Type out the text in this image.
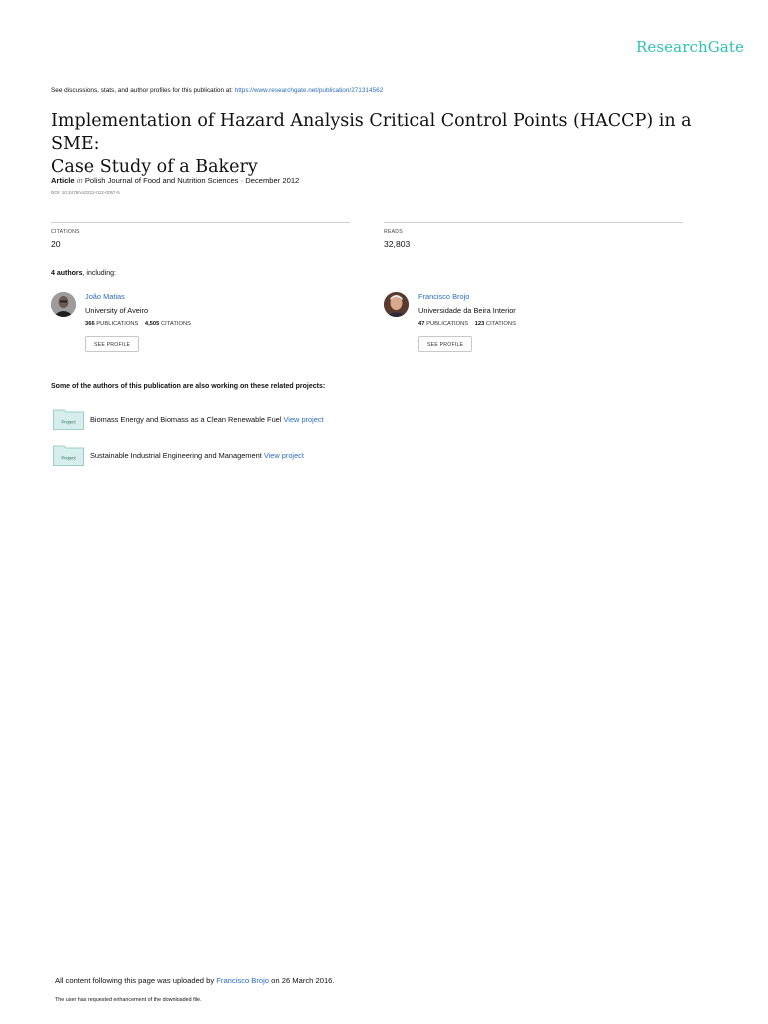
ResearchGate
See discussions, stats, and author profiles for this publication at: https://www.researchgate.net/publication/271314562
Implementation of Hazard Analysis Critical Control Points (HACCP) in a SME:
Case Study of a Bakery
Article in Polish Journal of Food and Nutrition Sciences · December 2012
DOI: 10.2478/v10222-012-0057-5
CITATIONS
20
READS
32,803
4 authors, including:
João Matias
University of Aveiro
366 PUBLICATIONS 4,505 CITATIONS
SEE PROFILE
Francisco Brojo
Universidade da Beira Interior
47 PUBLICATIONS 123 CITATIONS
SEE PROFILE
Some of the authors of this publication are also working on these related projects:
Project Biomass Energy and Biomass as a Clean Renewable Fuel View project
Project Sustainable Industrial Engineering and Management View project
All content following this page was uploaded by Francisco Brojo on 26 March 2016.
The user has requested enhancement of the downloaded file.
